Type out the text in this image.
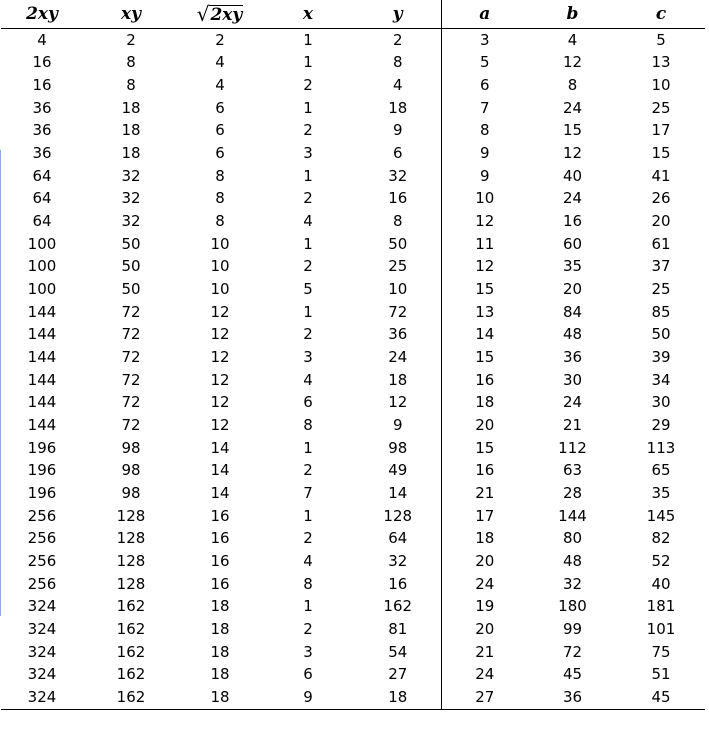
2xy	xy	√2xy	x	y	a	b	c
4	2	2	1	2	3	4	5
16	8	4	1	8	5	12	13
16	8	4	2	4	6	8	10
36	18	6	1	18	7	24	25
36	18	6	2	9	8	15	17
36	18	6	3	6	9	12	15
64	32	8	1	32	9	40	41
64	32	8	2	16	10	24	26
64	32	8	4	8	12	16	20
100	50	10	1	50	11	60	61
100	50	10	2	25	12	35	37
100	50	10	5	10	15	20	25
144	72	12	1	72	13	84	85
144	72	12	2	36	14	48	50
144	72	12	3	24	15	36	39
144	72	12	4	18	16	30	34
144	72	12	6	12	18	24	30
144	72	12	8	9	20	21	29
196	98	14	1	98	15	112	113
196	98	14	2	49	16	63	65
196	98	14	7	14	21	28	35
256	128	16	1	128	17	144	145
256	128	16	2	64	18	80	82
256	128	16	4	32	20	48	52
256	128	16	8	16	24	32	40
324	162	18	1	162	19	180	181
324	162	18	2	81	20	99	101
324	162	18	3	54	21	72	75
324	162	18	6	27	24	45	51
324	162	18	9	18	27	36	45
